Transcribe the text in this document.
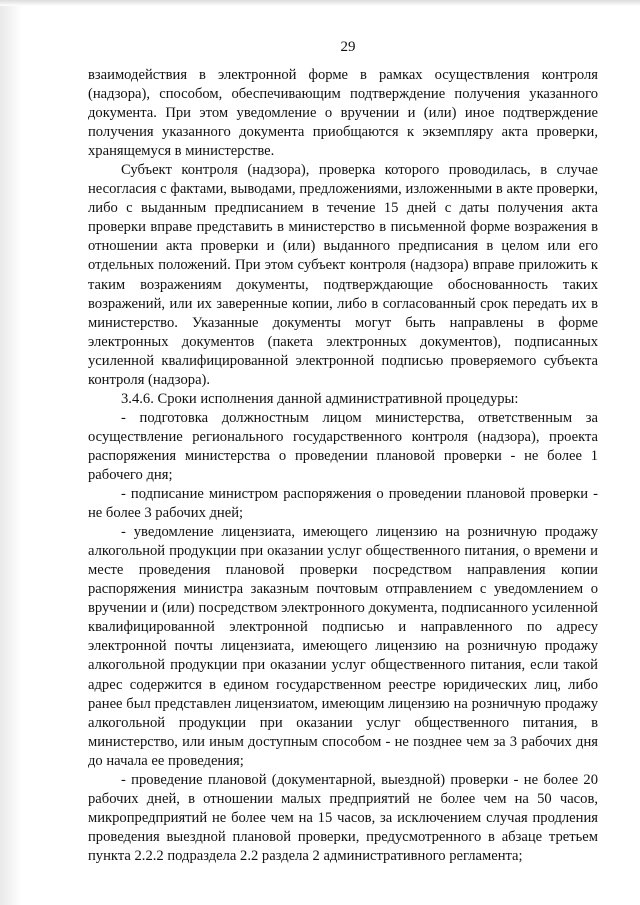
29

взаимодействия в электронной форме в рамках осуществления контроля (надзора), способом, обеспечивающим подтверждение получения указанного документа. При этом уведомление о вручении и (или) иное подтверждение получения указанного документа приобщаются к экземпляру акта проверки, хранящемуся в министерстве.

Субъект контроля (надзора), проверка которого проводилась, в случае несогласия с фактами, выводами, предложениями, изложенными в акте проверки, либо с выданным предписанием в течение 15 дней с даты получения акта проверки вправе представить в министерство в письменной форме возражения в отношении акта проверки и (или) выданного предписания в целом или его отдельных положений. При этом субъект контроля (надзора) вправе приложить к таким возражениям документы, подтверждающие обоснованность таких возражений, или их заверенные копии, либо в согласованный срок передать их в министерство. Указанные документы могут быть направлены в форме электронных документов (пакета электронных документов), подписанных усиленной квалифицированной электронной подписью проверяемого субъекта контроля (надзора).

3.4.6. Сроки исполнения данной административной процедуры:

- подготовка должностным лицом министерства, ответственным за осуществление регионального государственного контроля (надзора), проекта распоряжения министерства о проведении плановой проверки - не более 1 рабочего дня;

- подписание министром распоряжения о проведении плановой проверки - не более 3 рабочих дней;

- уведомление лицензиата, имеющего лицензию на розничную продажу алкогольной продукции при оказании услуг общественного питания, о времени и месте проведения плановой проверки посредством направления копии распоряжения министра заказным почтовым отправлением с уведомлением о вручении и (или) посредством электронного документа, подписанного усиленной квалифицированной электронной подписью и направленного по адресу электронной почты лицензиата, имеющего лицензию на розничную продажу алкогольной продукции при оказании услуг общественного питания, если такой адрес содержится в едином государственном реестре юридических лиц, либо ранее был представлен лицензиатом, имеющим лицензию на розничную продажу алкогольной продукции при оказании услуг общественного питания, в министерство, или иным доступным способом - не позднее чем за 3 рабочих дня до начала ее проведения;

- проведение плановой (документарной, выездной) проверки - не более 20 рабочих дней, в отношении малых предприятий не более чем на 50 часов, микропредприятий не более чем на 15 часов, за исключением случая продления проведения выездной плановой проверки, предусмотренного в абзаце третьем пункта 2.2.2 подраздела 2.2 раздела 2 административного регламента;
